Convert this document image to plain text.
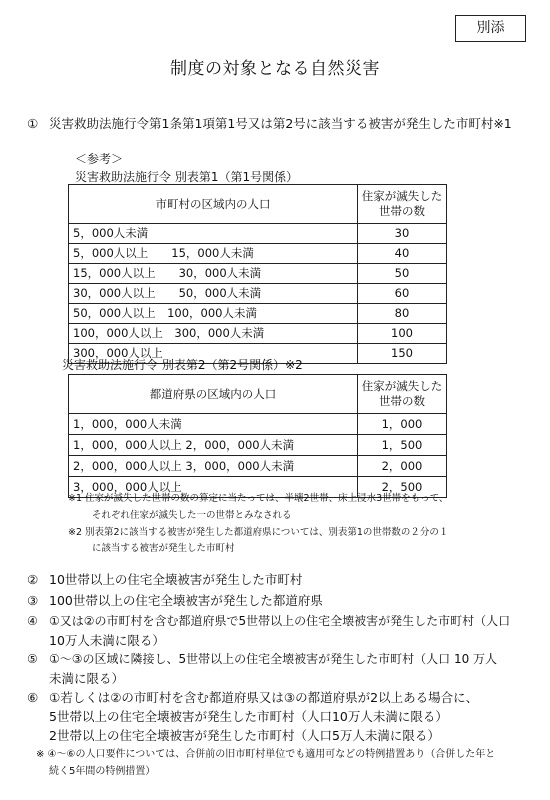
別添
制度の対象となる自然災害
① 災害救助法施行令第1条第1項第1号又は第2号に該当する被害が発生した市町村※1
＜参考＞
災害救助法施行令 別表第1（第1号関係）
市町村の区域内の人口	住家が滅失した
世帯の数
5，000人未満	30
5，000人以上　　15，000人未満	40
15，000人以上　　30，000人未満	50
30，000人以上　　50，000人未満	60
50，000人以上　100，000人未満	80
100，000人以上　300，000人未満	100
300，000人以上	150
災害救助法施行令 別表第2（第2号関係）※2
都道府県の区域内の人口	住家が滅失した
世帯の数
1，000，000人未満	1，000
1，000，000人以上 2，000，000人未満	1，500
2，000，000人以上 3，000，000人未満	2，000
3，000，000人以上	2，500
※1 住家が滅失した世帯の数の算定に当たっては、半壊2世帯、床上浸水3世帯をもって、
それぞれ住家が滅失した一の世帯とみなされる
※2 別表第2に該当する被害が発生した都道府県については、別表第1の世帯数の２分の１
に該当する被害が発生した市町村
② 10世帯以上の住宅全壊被害が発生した市町村
③ 100世帯以上の住宅全壊被害が発生した都道府県
④ ①又は②の市町村を含む都道府県で5世帯以上の住宅全壊被害が発生した市町村（人口
10万人未満に限る）
⑤ ①～③の区域に隣接し、5世帯以上の住宅全壊被害が発生した市町村（人口 10 万人
未満に限る）
⑥ ①若しくは②の市町村を含む都道府県又は③の都道府県が2以上ある場合に、
5世帯以上の住宅全壊被害が発生した市町村（人口10万人未満に限る）
2世帯以上の住宅全壊被害が発生した市町村（人口5万人未満に限る）
※ ④～⑥の人口要件については、合併前の旧市町村単位でも適用可などの特例措置あり（合併した年と
続く5年間の特例措置）
